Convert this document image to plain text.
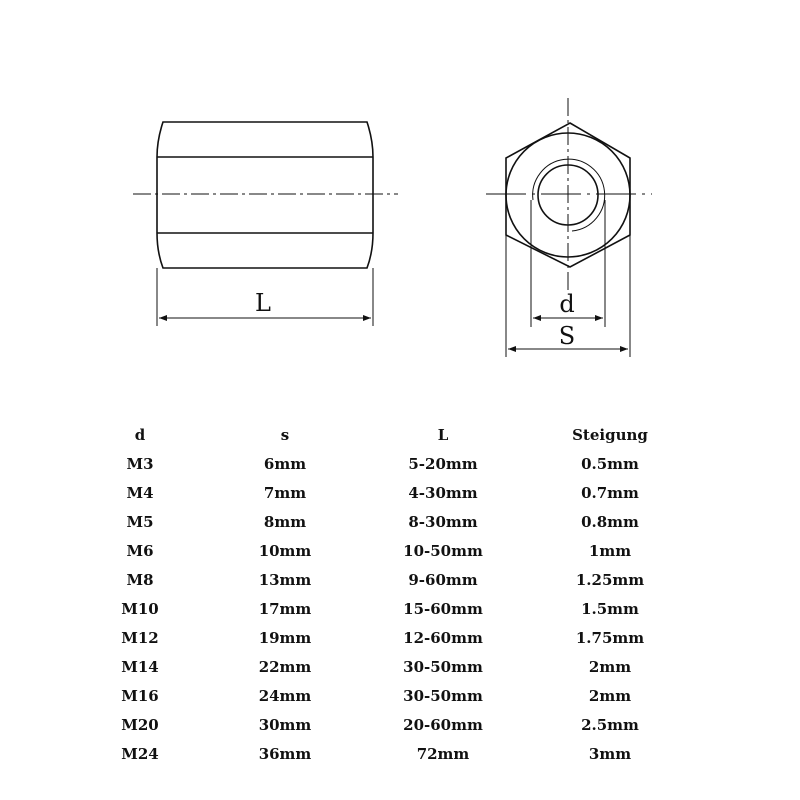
L	d
S
d	s	L	Steigung
M3	6mm	5-20mm	0.5mm
M4	7mm	4-30mm	0.7mm
M5	8mm	8-30mm	0.8mm
M6	10mm	10-50mm	1mm
M8	13mm	9-60mm	1.25mm
M10	17mm	15-60mm	1.5mm
M12	19mm	12-60mm	1.75mm
M14	22mm	30-50mm	2mm
M16	24mm	30-50mm	2mm
M20	30mm	20-60mm	2.5mm
M24	36mm	72mm	3mm
